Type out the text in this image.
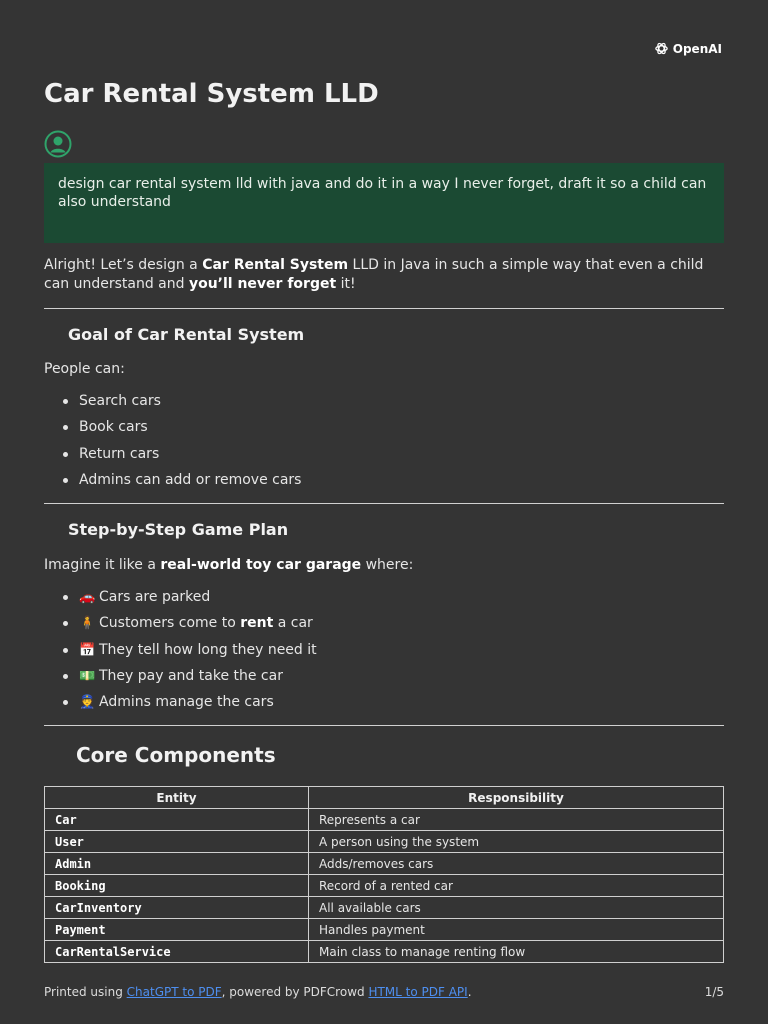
OpenAI
Car Rental System LLD
design car rental system lld with java and do it in a way I never forget, draft it so a child can also understand

Alright! Let’s design a Car Rental System LLD in Java in such a simple way that even a child can understand and you’ll never forget it!

Goal of Car Rental System

People can:

Search cars
Book cars
Return cars
Admins can add or remove cars
Step-by-Step Game Plan

Imagine it like a real-world toy car garage where:

🚗 Cars are parked
🧍 Customers come to rent a car
📅 They tell how long they need it
💵 They pay and take the car
👮 Admins manage the cars
Core Components
Entity	Responsibility
Car	Represents a car
User	A person using the system
Admin	Adds/removes cars
Booking	Record of a rented car
CarInventory	All available cars
Payment	Handles payment
CarRentalService	Main class to manage renting flow
Printed using ChatGPT to PDF, powered by PDFCrowd HTML to PDF API.	1/5
